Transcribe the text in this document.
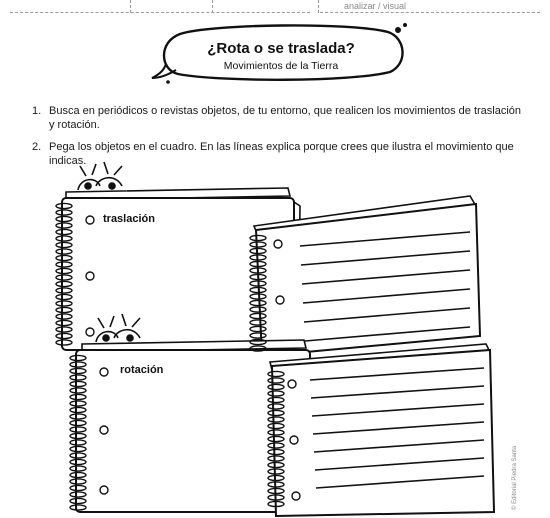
analizar / visual
¿Rota o se traslada?
Movimientos de la Tierra
1. Busca en periódicos o revistas objetos, de tu entorno, que realicen los movimientos de traslación y rotación.
2. Pega los objetos en el cuadro. En las líneas explica porque crees que ilustra el movimiento que indicas.
traslación
rotación
© Editorial Piedra Santa
